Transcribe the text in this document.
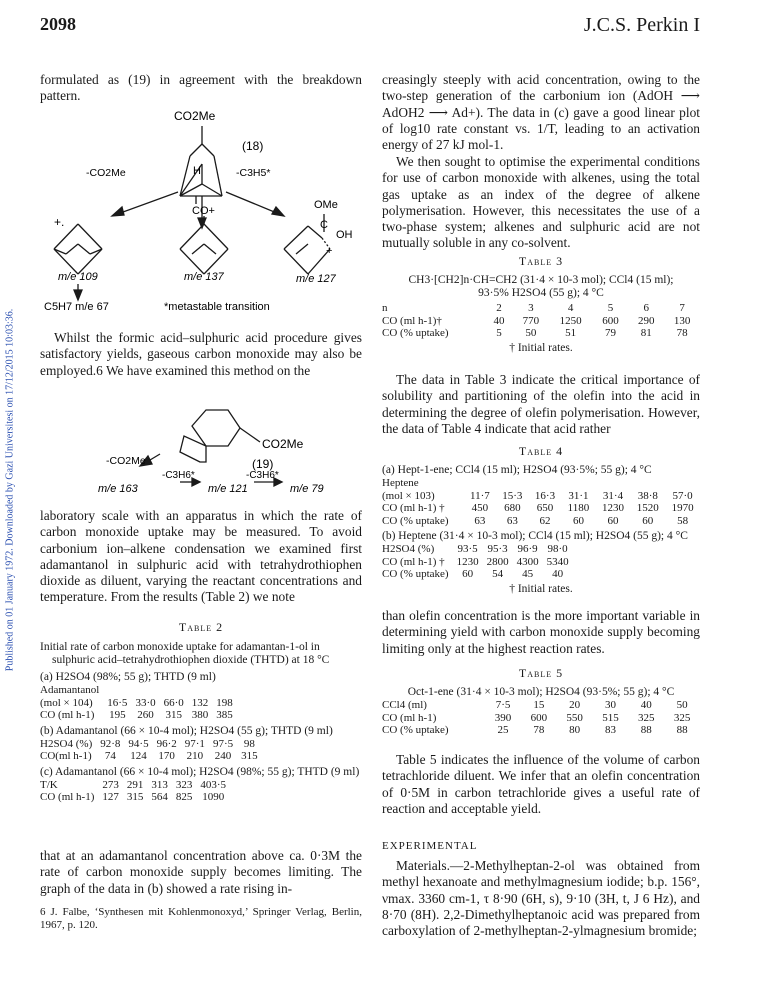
Published on 01 January 1972. Downloaded by Gazi Universitesi on 17/12/2015 10:03:36.
2098	J.C.S. Perkin I
formulated as (19) in agreement with the breakdown pattern.
CO2Me
(18)
-CO2Me	-C3H5*
H
CO+	OMe
C
OH
+
+.
m/e 109	m/e 137	m/e 127
C5H7 m/e 67	*metastable transition
Whilst the formic acid–sulphuric acid procedure gives satisfactory yields, gaseous carbon monoxide may also be employed.6 We have examined this method on the
CO2Me
(19)
-CO2Me
m/e 163
-C3H6*
m/e 121
-C3H6*
m/e 79
laboratory scale with an apparatus in which the rate of carbon monoxide uptake may be measured. To avoid carbonium ion–alkene condensation we examined first adamantanol in sulphuric acid with tetrahydrothiophen dioxide as diluent, varying the reactant concentrations and temperature. From the results (Table 2) we note
Table 2
Initial rate of carbon monoxide uptake for adamantan-1-ol in sulphuric acid–tetrahydrothiophen dioxide (THTD) at 18 °C
(a) H2SO4 (98%; 55 g); THTD (9 ml)
Adamantanol					
(mol × 104)	16·5	33·0	66·0	132	198
CO (ml h-1)	195	260	315	380	385
(b) Adamantanol (66 × 10-4 mol); H2SO4 (55 g); THTD (9 ml)
H2SO4 (%)	92·8	94·5	96·2	97·1	97·5	98
CO(ml h-1)	74	124	170	210	240	315
(c) Adamantanol (66 × 10-4 mol); H2SO4 (98%; 55 g); THTD (9 ml)
T/K	273	291	313	323	403·5
CO (ml h-1)	127	315	564	825	1090
that at an adamantanol concentration above ca. 0·3M the rate of carbon monoxide supply becomes limiting. The graph of the data in (b) showed a rate rising in-
6 J. Falbe, ‘Synthesen mit Kohlenmonoxyd,’ Springer Verlag, Berlin, 1967, p. 120.
creasingly steeply with acid concentration, owing to the two-step generation of the carbonium ion (AdOH ⟶ AdOH2 ⟶ Ad+). The data in (c) gave a good linear plot of log10 rate constant vs. 1/T, leading to an activation energy of 27 kJ mol-1.
We then sought to optimise the experimental conditions for use of carbon monoxide with alkenes, using the total gas uptake as an index of the degree of alkene polymerisation. However, this necessitates the use of a two-phase system; alkenes and sulphuric acid are not mutually soluble in any co-solvent.
Table 3
CH3·[CH2]n·CH=CH2 (31·4 × 10-3 mol); CCl4 (15 ml);
93·5% H2SO4 (55 g); 4 °C
n	2	3	4	5	6	7
CO (ml h-1)†	40	770	1250	600	290	130
CO (% uptake)	5	50	51	79	81	78
† Initial rates.
The data in Table 3 indicate the critical importance of solubility and partitioning of the olefin into the acid in determining the degree of olefin polymerisation. However, the data of Table 4 indicate that acid rather
Table 4
(a) Hept-1-ene; CCl4 (15 ml); H2SO4 (93·5%; 55 g); 4 °C
Heptene							
(mol × 103)	11·7	15·3	16·3	31·1	31·4	38·8	57·0
CO (ml h-1) †	450	680	650	1180	1230	1520	1970
CO (% uptake)	63	63	62	60	60	60	58
(b) Heptene (31·4 × 10-3 mol); CCl4 (15 ml); H2SO4 (55 g); 4 °C
H2SO4 (%)	93·5	95·3	96·9	98·0
CO (ml h-1) †	1230	2800	4300	5340
CO (% uptake)	60	54	45	40
† Initial rates.
than olefin concentration is the more important variable in determining yield with carbon monoxide supply becoming limiting only at the highest reaction rates.
Table 5
Oct-1-ene (31·4 × 10-3 mol); H2SO4 (93·5%; 55 g); 4 °C
CCl4 (ml)	7·5	15	20	30	40	50
CO (ml h-1)	390	600	550	515	325	325
CO (% uptake)	25	78	80	83	88	88
Table 5 indicates the influence of the volume of carbon tetrachloride diluent. We infer that an olefin concentration of 0·5M in carbon tetrachloride gives a useful rate of reaction and acceptable yield.
EXPERIMENTAL
Materials.—2-Methylheptan-2-ol was obtained from methyl hexanoate and methylmagnesium iodide; b.p. 156°, νmax. 3360 cm-1, τ 8·90 (6H, s), 9·10 (3H, t, J 6 Hz), and 8·70 (8H). 2,2-Dimethylheptanoic acid was prepared from carboxylation of 2-methylheptan-2-ylmagnesium bromide;
